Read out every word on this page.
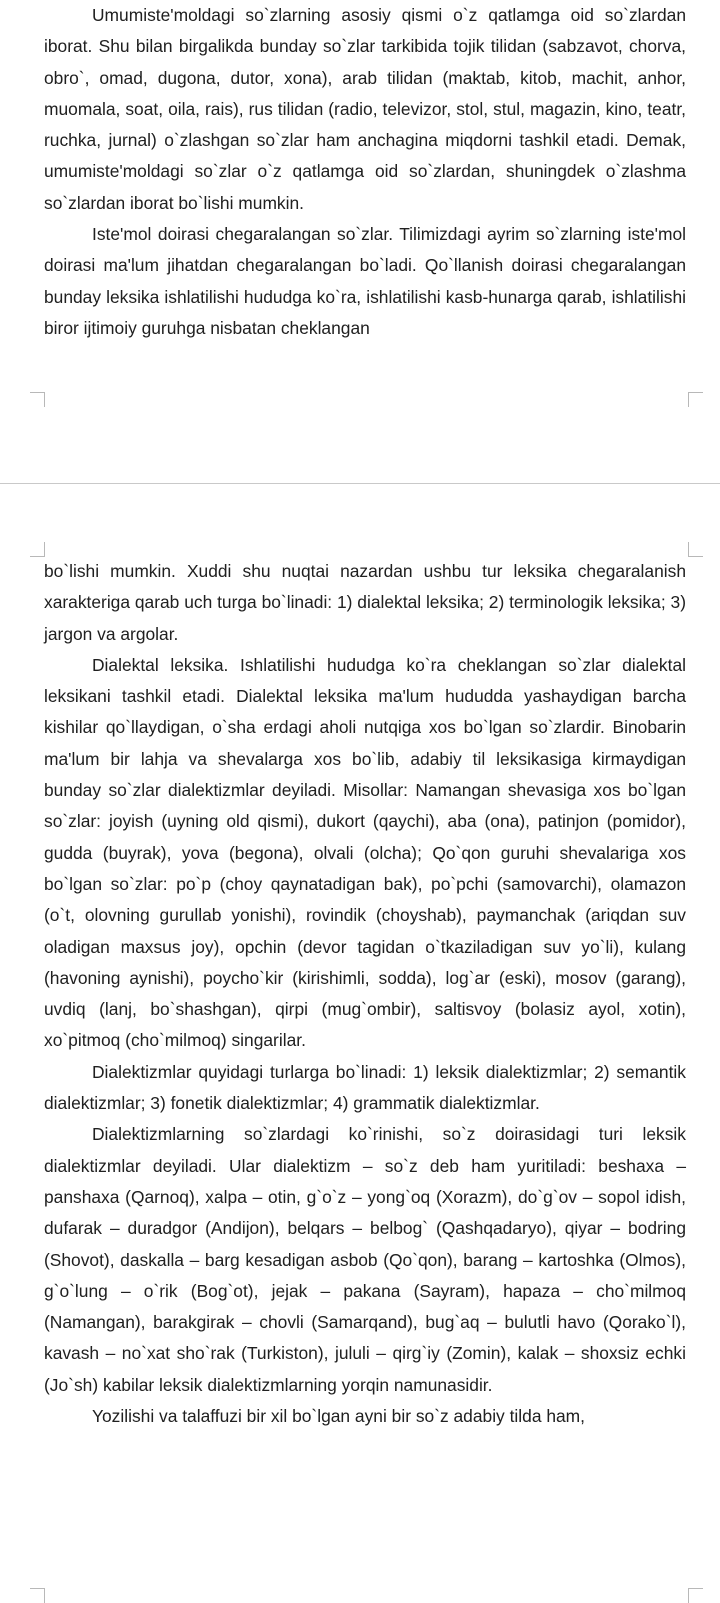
Umumiste'moldagi so`zlarning asosiy qismi o`z qatlamga oid so`zlardan iborat. Shu bilan birgalikda bunday so`zlar tarkibida tojik tilidan (sabzavot, chorva, obro`, omad, dugona, dutor, xona), arab tilidan (maktab, kitob, machit, anhor, muomala, soat, oila, rais), rus tilidan (radio, televizor, stol, stul, magazin, kino, teatr, ruchka, jurnal) o`zlashgan so`zlar ham anchagina miqdorni tashkil etadi. Demak, umumiste'moldagi so`zlar o`z qatlamga oid so`zlardan, shuningdek o`zlashma so`zlardan iborat bo`lishi mumkin.

Iste'mol doirasi chegaralangan so`zlar. Tilimizdagi ayrim so`zlarning iste'mol doirasi ma'lum jihatdan chegaralangan bo`ladi. Qo`llanish doirasi chegaralangan bunday leksika ishlatilishi hududga ko`ra, ishlatilishi kasb-hunarga qarab, ishlatilishi biror ijtimoiy guruhga nisbatan cheklangan

bo`lishi mumkin. Xuddi shu nuqtai nazardan ushbu tur leksika chegaralanish xarakteriga qarab uch turga bo`linadi: 1) dialektal leksika; 2) terminologik leksika; 3) jargon va argolar.

Dialektal leksika. Ishlatilishi hududga ko`ra cheklangan so`zlar dialektal leksikani tashkil etadi. Dialektal leksika ma'lum hududda yashaydigan barcha kishilar qo`llaydigan, o`sha erdagi aholi nutqiga xos bo`lgan so`zlardir. Binobarin ma'lum bir lahja va shevalarga xos bo`lib, adabiy til leksikasiga kirmaydigan bunday so`zlar dialektizmlar deyiladi. Misollar: Namangan shevasiga xos bo`lgan so`zlar: joyish (uyning old qismi), dukort (qaychi), aba (ona), patinjon (pomidor), gudda (buyrak), yova (begona), olvali (olcha); Qo`qon guruhi shevalariga xos bo`lgan so`zlar: po`p (choy qaynatadigan bak), po`pchi (samovarchi), olamazon (o`t, olovning gurullab yonishi), rovindik (choyshab), paymanchak (ariqdan suv oladigan maxsus joy), opchin (devor tagidan o`tkaziladigan suv yo`li), kulang (havoning aynishi), poycho`kir (kirishimli, sodda), log`ar (eski), mosov (garang), uvdiq (lanj, bo`shashgan), qirpi (mug`ombir), saltisvoy (bolasiz ayol, xotin), xo`pitmoq (cho`milmoq) singarilar.

Dialektizmlar quyidagi turlarga bo`linadi: 1) leksik dialektizmlar; 2) semantik dialektizmlar; 3) fonetik dialektizmlar; 4) grammatik dialektizmlar.

Dialektizmlarning so`zlardagi ko`rinishi, so`z doirasidagi turi leksik dialektizmlar deyiladi. Ular dialektizm – so`z deb ham yuritiladi: beshaxa – panshaxa (Qarnoq), xalpa – otin, g`o`z – yong`oq (Xorazm), do`g`ov – sopol idish, dufarak – duradgor (Andijon), belqars – belbog` (Qashqadaryo), qiyar – bodring (Shovot), daskalla – barg kesadigan asbob (Qo`qon), barang – kartoshka (Olmos), g`o`lung – o`rik (Bog`ot), jejak – pakana (Sayram), hapaza – cho`milmoq (Namangan), barakgirak – chovli (Samarqand), bug`aq – bulutli havo (Qorako`l), kavash – no`xat sho`rak (Turkiston), jululi – qirg`iy (Zomin), kalak – shoxsiz echki (Jo`sh) kabilar leksik dialektizmlarning yorqin namunasidir.

Yozilishi va talaffuzi bir xil bo`lgan ayni bir so`z adabiy tilda ham,
